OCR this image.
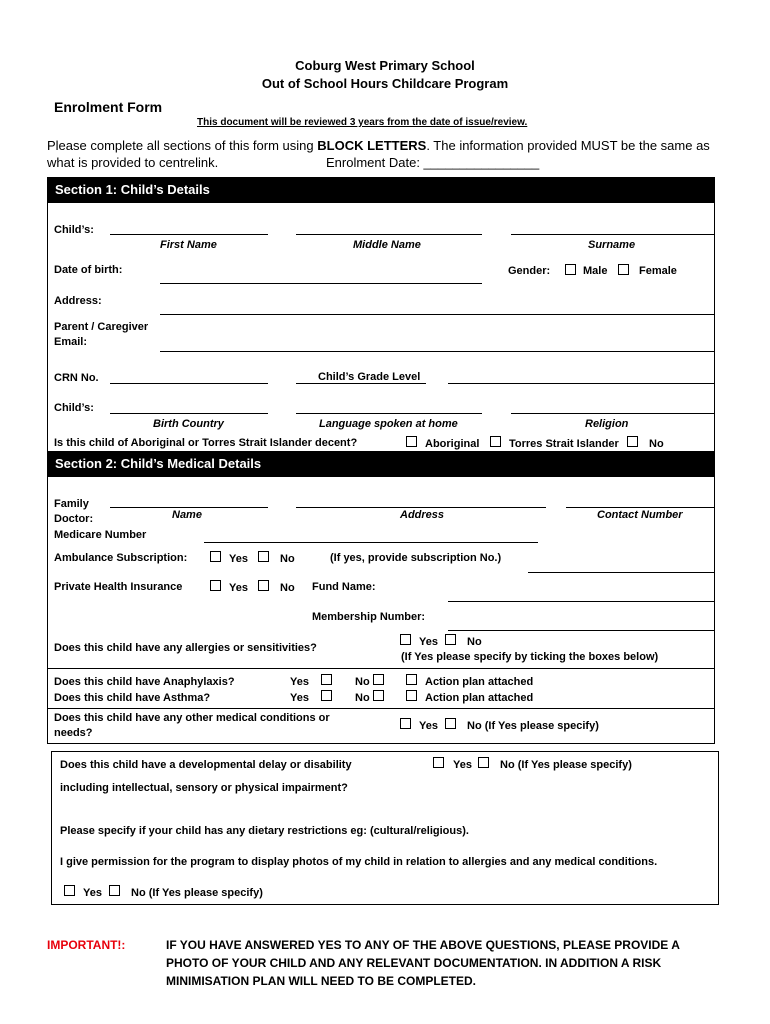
Coburg West Primary School
Out of School Hours Childcare Program
Enrolment Form
This document will be reviewed 3 years from the date of issue/review.
Please complete all sections of this form using BLOCK LETTERS. The information provided MUST be the same as
what is provided to centrelink.	Enrolment Date: ________________
Section 1: Child’s Details
Child’s:
First Name	Middle Name	Surname
Date of birth:	Gender:	Male	Female
Address:
Parent / Caregiver
Email:
CRN No.	Child’s Grade Level
Child’s:
Birth Country	Language spoken at home	Religion
Is this child of Aboriginal or Torres Strait Islander decent?	Aboriginal	Torres Strait Islander	No
Section 2: Child’s Medical Details
Family
Doctor:
Medicare Number
Name	Address	Contact Number
Ambulance Subscription:	Yes	No	(If yes, provide subscription No.)
Private Health Insurance	Yes	No Fund Name:
Membership Number:
Yes	No
Does this child have any allergies or sensitivities?
(If Yes please specify by ticking the boxes below)
Does this child have Anaphylaxis?	Yes	No	Action plan attached
Does this child have Asthma?	Yes	No	Action plan attached
Does this child have any other medical conditions or
needs?
Yes	No (If Yes please specify)
Does this child have a developmental delay or disability	Yes	No (If Yes please specify)
including intellectual, sensory or physical impairment?
Please specify if your child has any dietary restrictions eg: (cultural/religious).
I give permission for the program to display photos of my child in relation to allergies and any medical conditions.
Yes	No (If Yes please specify)
IMPORTANT!:	IF YOU HAVE ANSWERED YES TO ANY OF THE ABOVE QUESTIONS, PLEASE PROVIDE A
PHOTO OF YOUR CHILD AND ANY RELEVANT DOCUMENTATION. IN ADDITION A RISK
MINIMISATION PLAN WILL NEED TO BE COMPLETED.
